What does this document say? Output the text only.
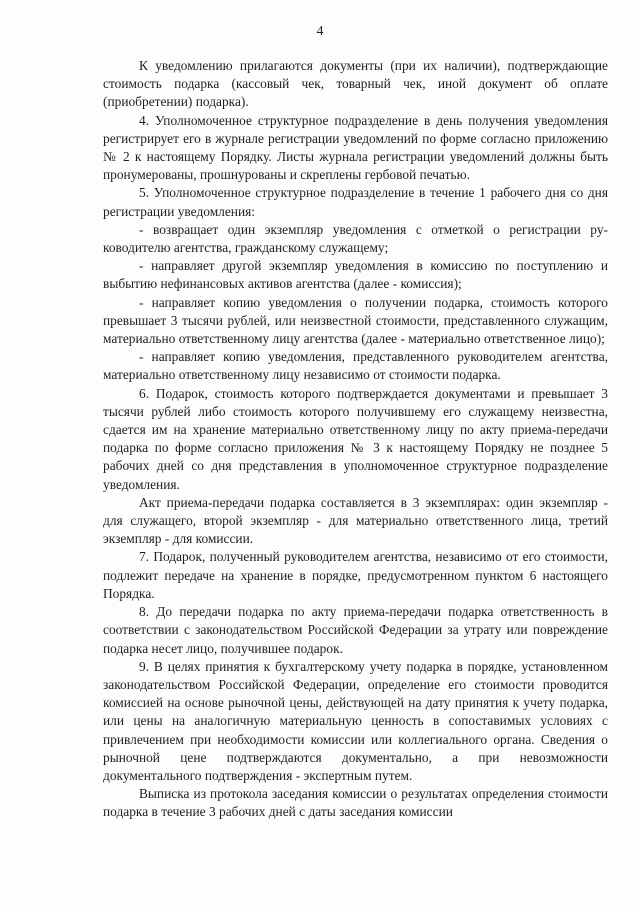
4

К уведомлению прилагаются документы (при их наличии), подтверждающие стоимость подарка (кассовый чек, товарный чек, иной документ об оплате (приобретении) подарка).

4. Уполномоченное структурное подразделение в день получения уведомления регистрирует его в журнале регистрации уведомлений по форме согласно приложению № 2 к настоящему Порядку. Листы журнала регистрации уведомлений должны быть пронумерованы, прошнурованы и скреплены гербовой печатью.

5. Уполномоченное структурное подразделение в течение 1 рабочего дня со дня регистрации уведомления:

- возвращает один экземпляр уведомления с отметкой о регистрации руководителю агентства, гражданскому служащему;

- направляет другой экземпляр уведомления в комиссию по поступлению и выбытию нефинансовых активов агентства (далее - комиссия);

- направляет копию уведомления о получении подарка, стоимость которого превышает 3 тысячи рублей, или неизвестной стоимости, представленного служащим, материально ответственному лицу агентства (далее - материально ответственное лицо);

- направляет копию уведомления, представленного руководителем агентства, материально ответственному лицу независимо от стоимости подарка.

6. Подарок, стоимость которого подтверждается документами и превышает 3 тысячи рублей либо стоимость которого получившему его служащему неизвестна, сдается им на хранение материально ответственному лицу по акту приема-передачи подарка по форме согласно приложения № 3 к настоящему Порядку не позднее 5 рабочих дней со дня представления в уполномоченное структурное подразделение уведомления.

Акт приема-передачи подарка составляется в 3 экземплярах: один экземпляр - для служащего, второй экземпляр - для материально ответственного лица, третий экземпляр - для комиссии.

7. Подарок, полученный руководителем агентства, независимо от его стоимости, подлежит передаче на хранение в порядке, предусмотренном пунктом 6 настоящего Порядка.

8. До передачи подарка по акту приема-передачи подарка ответственность в соответствии с законодательством Российской Федерации за утрату или повреждение подарка несет лицо, получившее подарок.

9. В целях принятия к бухгалтерскому учету подарка в порядке, установленном законодательством Российской Федерации, определение его стоимости проводится комиссией на основе рыночной цены, действующей на дату принятия к учету подарка, или цены на аналогичную материальную ценность в сопоставимых условиях с привлечением при необходимости комиссии или коллегиального органа. Сведения о рыночной цене подтверждаются документально, а при невозможности документального подтверждения - экспертным путем.

Выписка из протокола заседания комиссии о результатах определения стоимости подарка в течение 3 рабочих дней с даты заседания комиссии
